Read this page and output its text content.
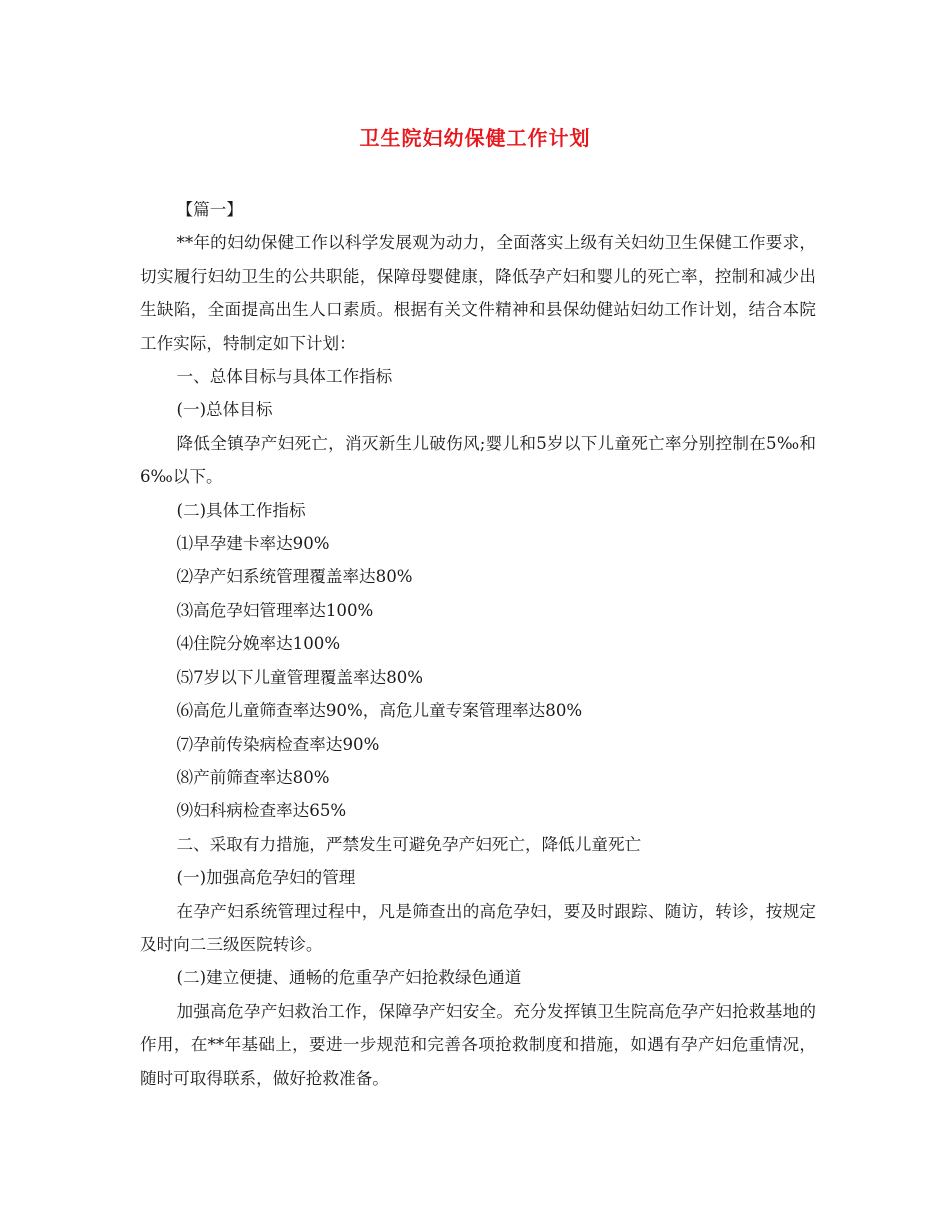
卫生院妇幼保健工作计划

【篇一】

**年的妇幼保健工作以科学发展观为动力，全面落实上级有关妇幼卫生保健工作要求，切实履行妇幼卫生的公共职能，保障母婴健康，降低孕产妇和婴儿的死亡率，控制和减少出生缺陷，全面提高出生人口素质。根据有关文件精神和县保幼健站妇幼工作计划，结合本院工作实际，特制定如下计划：

一、总体目标与具体工作指标

(一)总体目标

降低全镇孕产妇死亡，消灭新生儿破伤风;婴儿和5岁以下儿童死亡率分别控制在5‰和6‰以下。

(二)具体工作指标

⑴早孕建卡率达90%

⑵孕产妇系统管理覆盖率达80%

⑶高危孕妇管理率达100%

⑷住院分娩率达100%

⑸7岁以下儿童管理覆盖率达80%

⑹高危儿童筛查率达90%，高危儿童专案管理率达80%

⑺孕前传染病检查率达90%

⑻产前筛查率达80%

⑼妇科病检查率达65%

二、采取有力措施，严禁发生可避免孕产妇死亡，降低儿童死亡

(一)加强高危孕妇的管理

在孕产妇系统管理过程中，凡是筛查出的高危孕妇，要及时跟踪、随访，转诊，按规定及时向二三级医院转诊。

(二)建立便捷、通畅的危重孕产妇抢救绿色通道

加强高危孕产妇救治工作，保障孕产妇安全。充分发挥镇卫生院高危孕产妇抢救基地的作用，在**年基础上，要进一步规范和完善各项抢救制度和措施，如遇有孕产妇危重情况，随时可取得联系，做好抢救准备。
